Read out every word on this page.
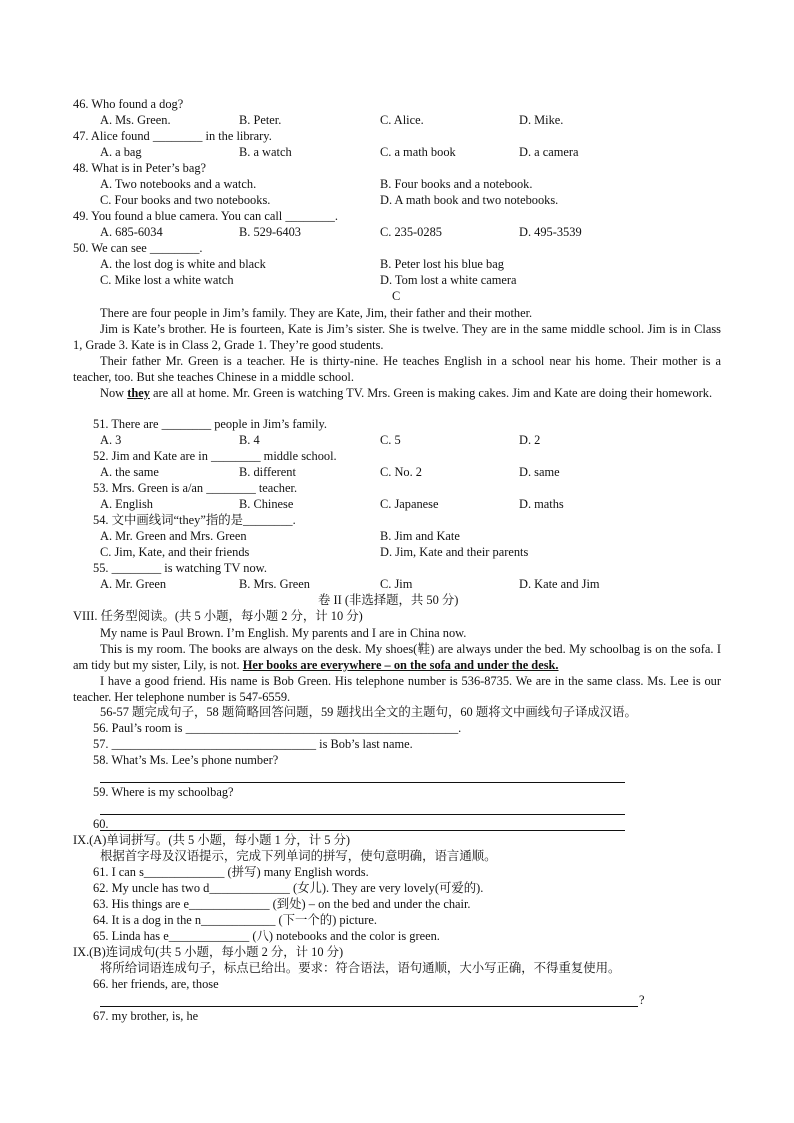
46. Who found a dog?
A. Ms. Green.	B. Peter.	C. Alice.	D. Mike.
47. Alice found ________ in the library.
A. a bag	B. a watch	C. a math book	D. a camera
48. What is in Peter’s bag?
A. Two notebooks and a watch.	B. Four books and a notebook.
C. Four books and two notebooks.	D. A math book and two notebooks.
49. You found a blue camera. You can call ________.
A. 685-6034	B. 529-6403	C. 235-0285	D. 495-3539
50. We can see ________.
A. the lost dog is white and black	B. Peter lost his blue bag
C. Mike lost a white watch	D. Tom lost a white camera
C
There are four people in Jim’s family. They are Kate, Jim, their father and their mother.
Jim is Kate’s brother. He is fourteen, Kate is Jim’s sister. She is twelve. They are in the same middle school. Jim is in Class 1, Grade 3. Kate is in Class 2, Grade 1. They’re good students.
Their father Mr. Green is a teacher. He is thirty-nine. He teaches English in a school near his home. Their mother is a teacher, too. But she teaches Chinese in a middle school.
Now they are all at home. Mr. Green is watching TV. Mrs. Green is making cakes. Jim and Kate are doing their homework.
51. There are ________ people in Jim’s family.
A. 3	B. 4	C. 5	D. 2
52. Jim and Kate are in ________ middle school.
A. the same	B. different	C. No. 2	D. same
53. Mrs. Green is a/an ________ teacher.
A. English	B. Chinese	C. Japanese	D. maths
54. 文中画线词“they”指的是________.
A. Mr. Green and Mrs. Green	B. Jim and Kate
C. Jim, Kate, and their friends	D. Jim, Kate and their parents
55. ________ is watching TV now.
A. Mr. Green	B. Mrs. Green	C. Jim	D. Kate and Jim
卷 II (非选择题，共 50 分)
VIII. 任务型阅读。(共 5 小题，每小题 2 分，计 10 分)
My name is Paul Brown. I’m English. My parents and I are in China now.
This is my room. The books are always on the desk. My shoes(鞋) are always under the bed. My schoolbag is on the sofa. I am tidy but my sister, Lily, is not. Her books are everywhere – on the sofa and under the desk.
I have a good friend. His name is Bob Green. His telephone number is 536-8735. We are in the same class. Ms. Lee is our teacher. Her telephone number is 547-6559.
56-57 题完成句子，58 题简略回答问题，59 题找出全文的主题句，60 题将文中画线句子译成汉语。
56. Paul’s room is ____________________________________________.
57. _________________________________ is Bob’s last name.
58. What’s Ms. Lee’s phone number?
59. Where is my schoolbag?
60.
IX.(A)单词拼写。(共 5 小题，每小题 1 分，计 5 分)
根据首字母及汉语提示，完成下列单词的拼写，使句意明确，语言通顺。
61. I can s_____________ (拼写) many English words.
62. My uncle has two d_____________ (女儿). They are very lovely(可爱的).
63. His things are e_____________ (到处) – on the bed and under the chair.
64. It is a dog in the n____________ (下一个的) picture.
65. Linda has e_____________ (八) notebooks and the color is green.
IX.(B)连词成句(共 5 小题，每小题 2 分，计 10 分)
将所给词语连成句子，标点已给出。要求：符合语法，语句通顺，大小写正确，不得重复使用。
66. her friends, are, those
?
67. my brother, is, he
